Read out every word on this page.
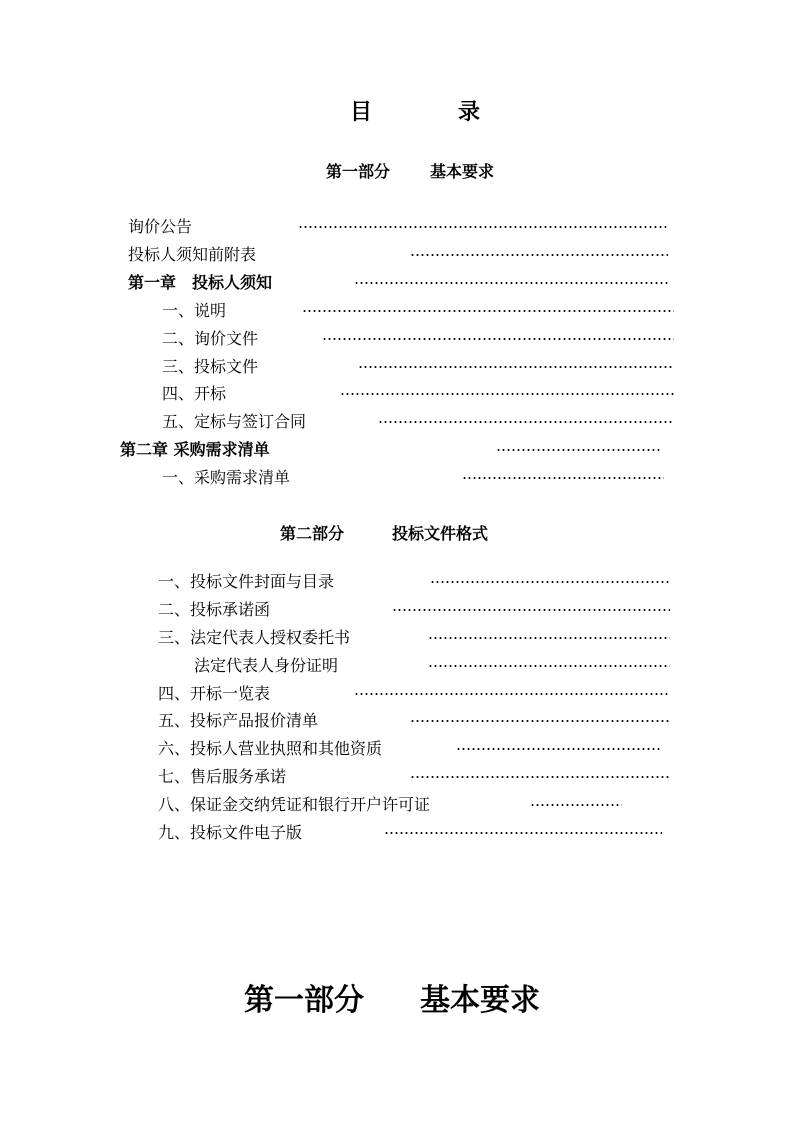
目	录
第一部分 基本要求
询价公告
投标人须知前附表
第一章　投标人须知
一、说明
二、询价文件
三、投标文件
四、开标
五、定标与签订合同
第二章 采购需求清单
一、采购需求清单
第二部分	投标文件格式
一、投标文件封面与目录
二、投标承诺函
三、法定代表人授权委托书
法定代表人身份证明
四、开标一览表
五、投标产品报价清单
六、投标人营业执照和其他资质
七、售后服务承诺
八、保证金交纳凭证和银行开户许可证
九、投标文件电子版
第一部分 基本要求
